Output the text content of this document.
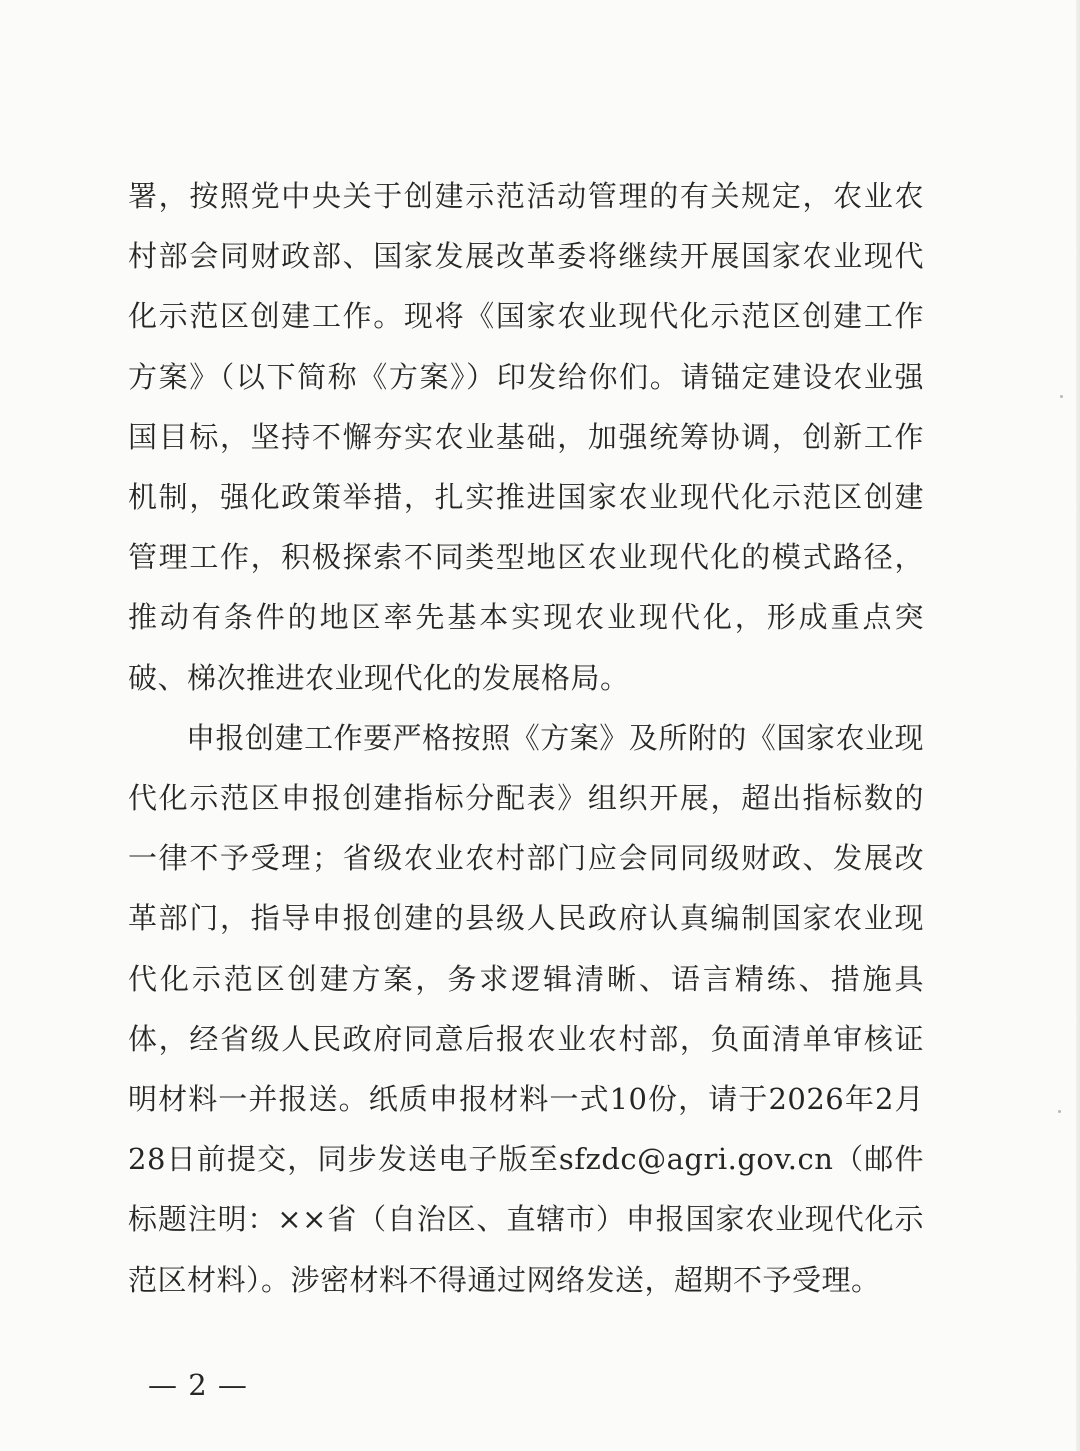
署，按照党中央关于创建示范活动管理的有关规定，农业农村部会同财政部、国家发展改革委将继续开展国家农业现代化示范区创建工作。现将《国家农业现代化示范区创建工作方案》（以下简称《方案》）印发给你们。请锚定建设农业强国目标，坚持不懈夯实农业基础，加强统筹协调，创新工作机制，强化政策举措，扎实推进国家农业现代化示范区创建管理工作，积极探索不同类型地区农业现代化的模式路径，推动有条件的地区率先基本实现农业现代化，形成重点突破、梯次推进农业现代化的发展格局。

申报创建工作要严格按照《方案》及所附的《国家农业现代化示范区申报创建指标分配表》组织开展，超出指标数的一律不予受理；省级农业农村部门应会同同级财政、发展改革部门，指导申报创建的县级人民政府认真编制国家农业现代化示范区创建方案，务求逻辑清晰、语言精练、措施具体，经省级人民政府同意后报农业农村部，负面清单审核证明材料一并报送。纸质申报材料一式10份，请于2026年2月28日前提交，同步发送电子版至sfzdc@agri.gov.cn（邮件标题注明：××省（自治区、直辖市）申报国家农业现代化示范区材料）。涉密材料不得通过网络发送，超期不予受理。

— 2 —
